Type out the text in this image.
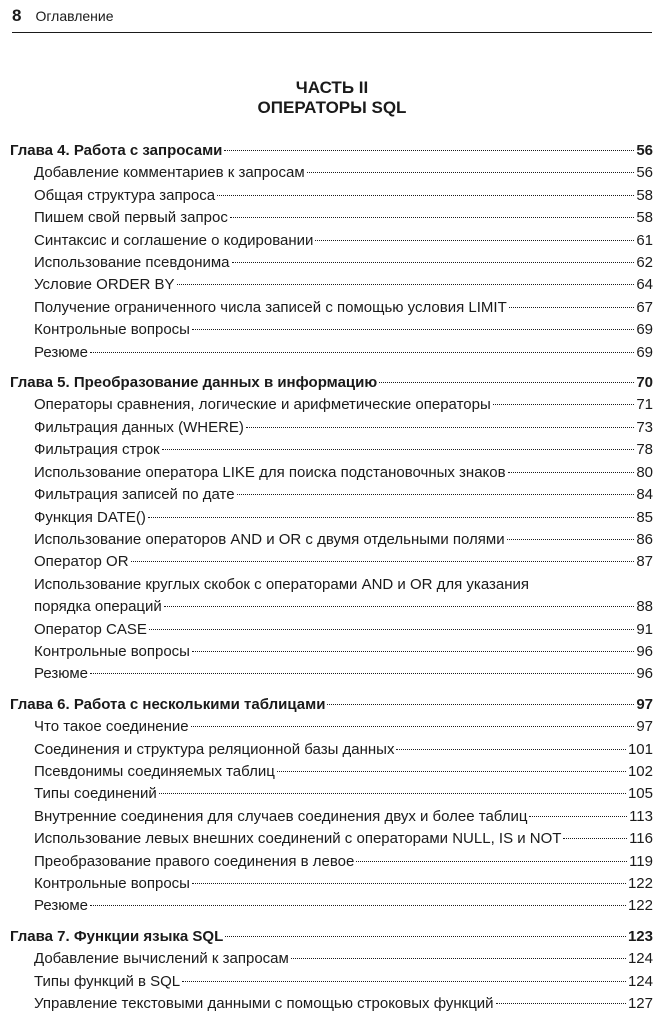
8 Оглавление
ЧАСТЬ II
ОПЕРАТОРЫ SQL
Глава 4. Работа с запросами	56
Добавление комментариев к запросам	56
Общая структура запроса	58
Пишем свой первый запрос	58
Синтаксис и соглашение о кодировании	61
Использование псевдонима	62
Условие ORDER BY	64
Получение ограниченного числа записей с помощью условия LIMIT	67
Контрольные вопросы	69
Резюме	69
Глава 5. Преобразование данных в информацию	70
Операторы сравнения, логические и арифметические операторы	71
Фильтрация данных (WHERE)	73
Фильтрация строк	78
Использование оператора LIKE для поиска подстановочных знаков	80
Фильтрация записей по дате	84
Функция DATE()	85
Использование операторов AND и OR с двумя отдельными полями	86
Оператор OR	87
Использование круглых скобок с операторами AND и OR для указания
порядка операций	88
Оператор CASE	91
Контрольные вопросы	96
Резюме	96
Глава 6. Работа с несколькими таблицами	97
Что такое соединение	97
Соединения и структура реляционной базы данных	101
Псевдонимы соединяемых таблиц	102
Типы соединений	105
Внутренние соединения для случаев соединения двух и более таблиц	113
Использование левых внешних соединений с операторами NULL, IS и NOT	116
Преобразование правого соединения в левое	119
Контрольные вопросы	122
Резюме	122
Глава 7. Функции языка SQL	123
Добавление вычислений к запросам	124
Типы функций в SQL	124
Управление текстовыми данными с помощью строковых функций	127
